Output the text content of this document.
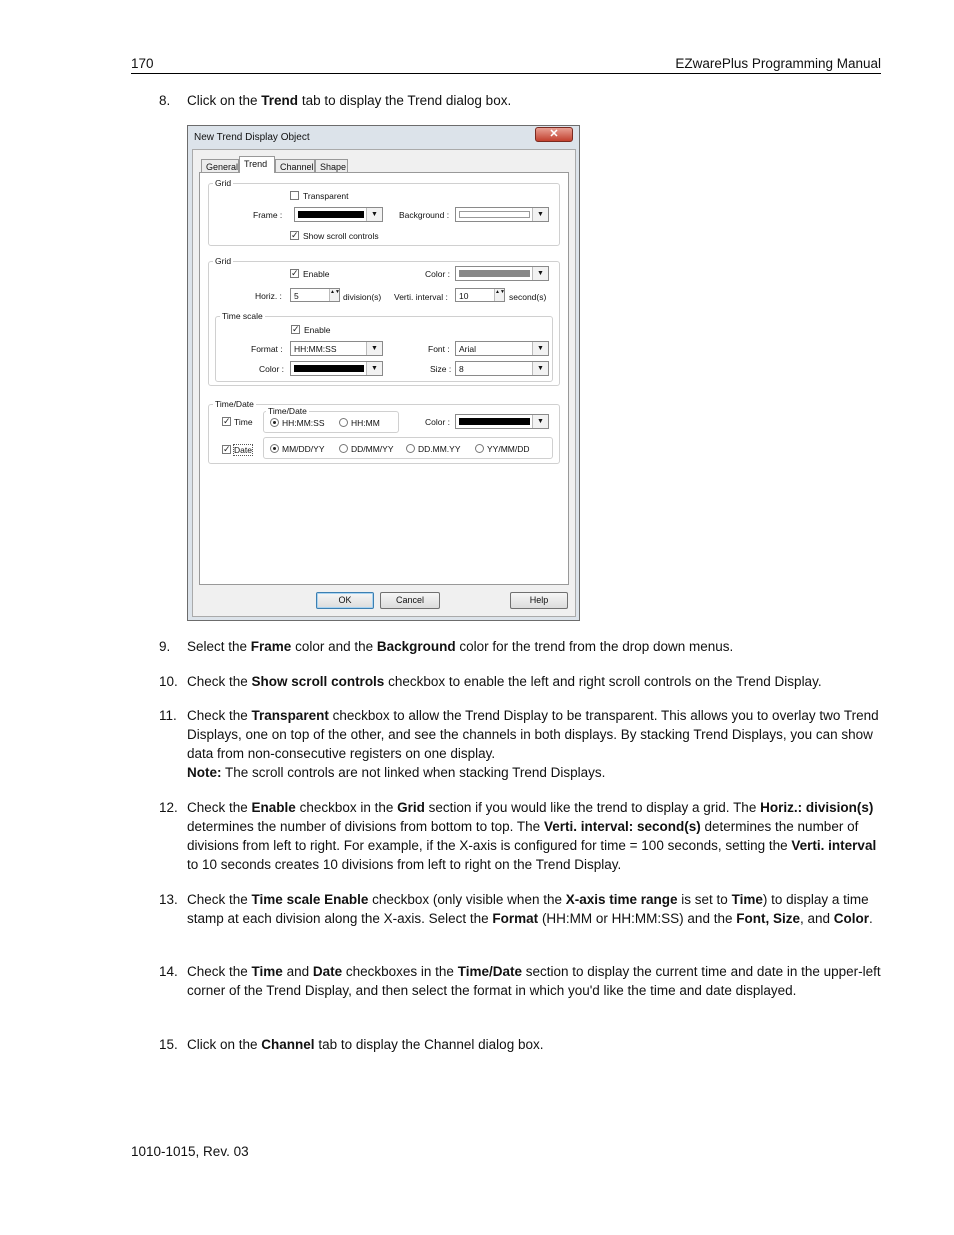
170	EZwarePlus Programming Manual
8. Click on the Trend tab to display the Trend dialog box.
New Trend Display Object	✕
General Trend	Channel Shape
Grid
Transparent
Frame :	▼	Background :	▼
✓ Show scroll controls
Grid
✓ Enable	Color :	▼
Horiz. : 5	▲▼ division(s) Verti. interval : 10	▲▼ second(s)
Time scale
✓ Enable
Format : HH:MM:SS	▼	Font : Arial	▼
Color :	▼	Size : 8	▼
Time/Date
✓ Time
Time/Date
HH:MM:SS	HH:MM	Color :	▼
✓ Date	MM/DD/YY	DD/MM/YY	DD.MM.YY	YY/MM/DD
OK	Cancel	Help
9. Select the Frame color and the Background color for the trend from the drop down menus.
10. Check the Show scroll controls checkbox to enable the left and right scroll controls on the Trend Display.
11. Check the Transparent checkbox to allow the Trend Display to be transparent. This allows you to overlay two Trend Displays, one on top of the other, and see the channels in both displays. By stacking Trend Displays, you can show data from non-consecutive registers on one display.
Note: The scroll controls are not linked when stacking Trend Displays.
12. Check the Enable checkbox in the Grid section if you would like the trend to display a grid. The Horiz.: division(s) determines the number of divisions from bottom to top. The Verti. interval: second(s) determines the number of divisions from left to right. For example, if the X-axis is configured for time = 100 seconds, setting the Verti. interval to 10 seconds creates 10 divisions from left to right on the Trend Display.
13. Check the Time scale Enable checkbox (only visible when the X-axis time range is set to Time) to display a time stamp at each division along the X-axis. Select the Format (HH:MM or HH:MM:SS) and the Font, Size, and Color.
14. Check the Time and Date checkboxes in the Time/Date section to display the current time and date in the upper-left corner of the Trend Display, and then select the format in which you'd like the time and date displayed.
15. Click on the Channel tab to display the Channel dialog box.
1010-1015, Rev. 03
